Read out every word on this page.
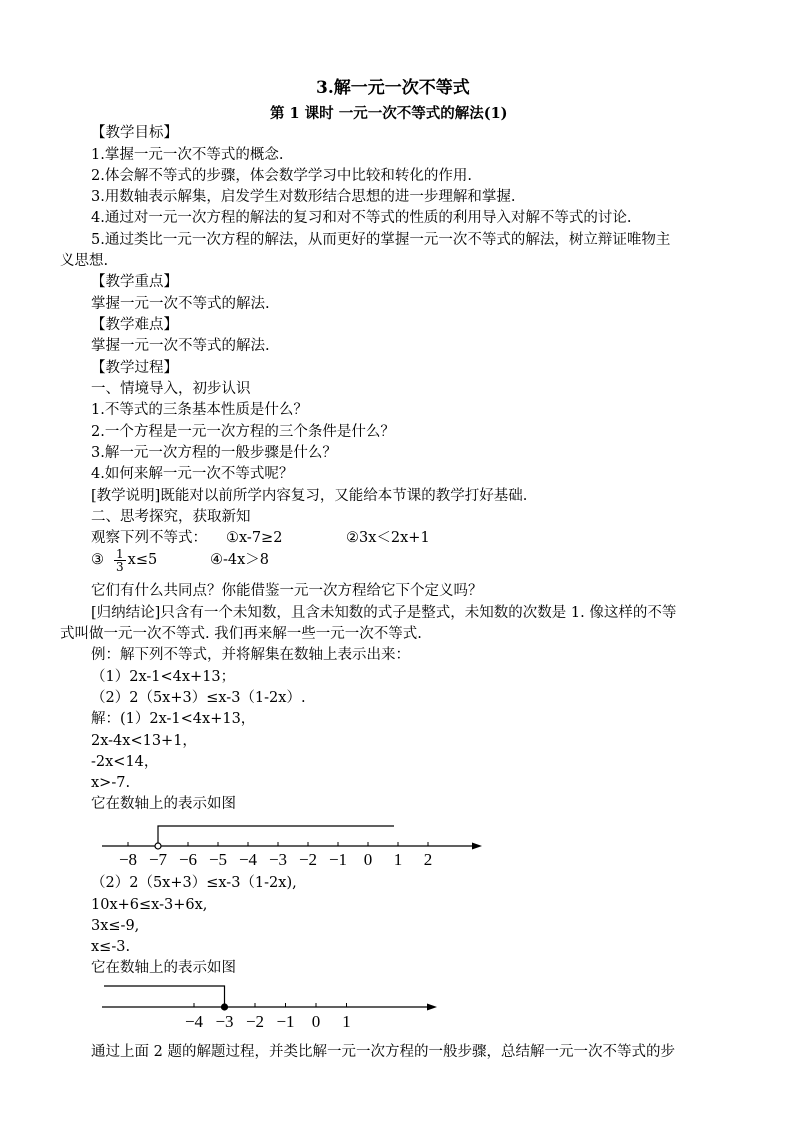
3.解一元一次不等式
第 1 课时 一元一次不等式的解法(1)
【教学目标】
1.掌握一元一次不等式的概念.
2.体会解不等式的步骤，体会数学学习中比较和转化的作用.
3.用数轴表示解集，启发学生对数形结合思想的进一步理解和掌握.
4.通过对一元一次方程的解法的复习和对不等式的性质的利用导入对解不等式的讨论.
5.通过类比一元一次方程的解法，从而更好的掌握一元一次不等式的解法，树立辩证唯物主
义思想.
【教学重点】
掌握一元一次不等式的解法.
【教学难点】
掌握一元一次不等式的解法.
【教学过程】
一、情境导入，初步认识
1.不等式的三条基本性质是什么？
2.一个方程是一元一次方程的三个条件是什么？
3.解一元一次方程的一般步骤是什么？
4.如何来解一元一次不等式呢？
[教学说明]既能对以前所学内容复习，又能给本节课的教学打好基础.
二、思考探究，获取新知
观察下列不等式： ①x-7≥2	②3x＜2x+1
③ $\frac{1}{3} x\le 5$	④-4x＞8
它们有什么共同点？你能借鉴一元一次方程给它下个定义吗？
[归纳结论]只含有一个未知数，且含未知数的式子是整式，未知数的次数是 1. 像这样的不等
式叫做一元一次不等式. 我们再来解一些一元一次不等式.
例：解下列不等式，并将解集在数轴上表示出来：
（1）2x-1<4x+13；
（2）2（5x+3）≤x-3（1-2x）.
解：(1）2x-1<4x+13，
2x-4x<13+1，
-2x<14，
x>-7.
它在数轴上的表示如图
−8 −7 −6 −5 −4 −3 −2 −1 0 1 2
（2）2（5x+3）≤x-3（1-2x),
10x+6≤x-3+6x,
3x≤-9,
x≤-3.
它在数轴上的表示如图
−4 −3 −2 −1 0 1
通过上面 2 题的解题过程，并类比解一元一次方程的一般步骤，总结解一元一次不等式的步
